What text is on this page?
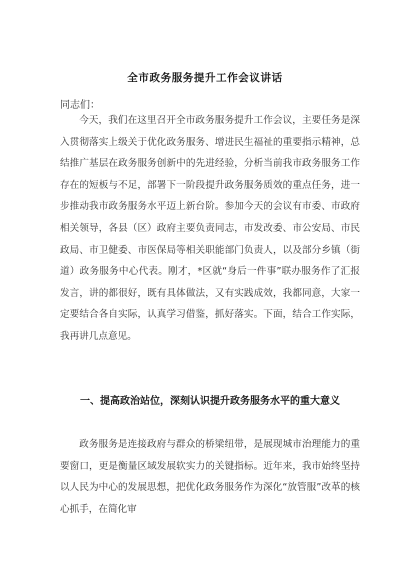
全市政务服务提升工作会议讲话
同志们：

今天，我们在这里召开全市政务服务提升工作会议，主要任务是深入贯彻落实上级关于优化政务服务、增进民生福祉的重要指示精神，总结推广基层在政务服务创新中的先进经验，分析当前我市政务服务工作存在的短板与不足，部署下一阶段提升政务服务质效的重点任务，进一步推动我市政务服务水平迈上新台阶。参加今天的会议有市委、市政府相关领导，各县（区）政府主要负责同志，市发改委、市公安局、市民政局、市卫健委、市医保局等相关职能部门负责人，以及部分乡镇（街道）政务服务中心代表。刚才，*区就“身后一件事”联办服务作了汇报发言，讲的都很好，既有具体做法，又有实践成效，我都同意，大家一定要结合各自实际，认真学习借鉴，抓好落实。下面，结合工作实际，我再讲几点意见。

一、提高政治站位，深刻认识提升政务服务水平的重大意义

政务服务是连接政府与群众的桥梁纽带，是展现城市治理能力的重要窗口，更是衡量区域发展软实力的关键指标。近年来，我市始终坚持以人民为中心的发展思想，把优化政务服务作为深化“放管服”改革的核心抓手，在简化审
